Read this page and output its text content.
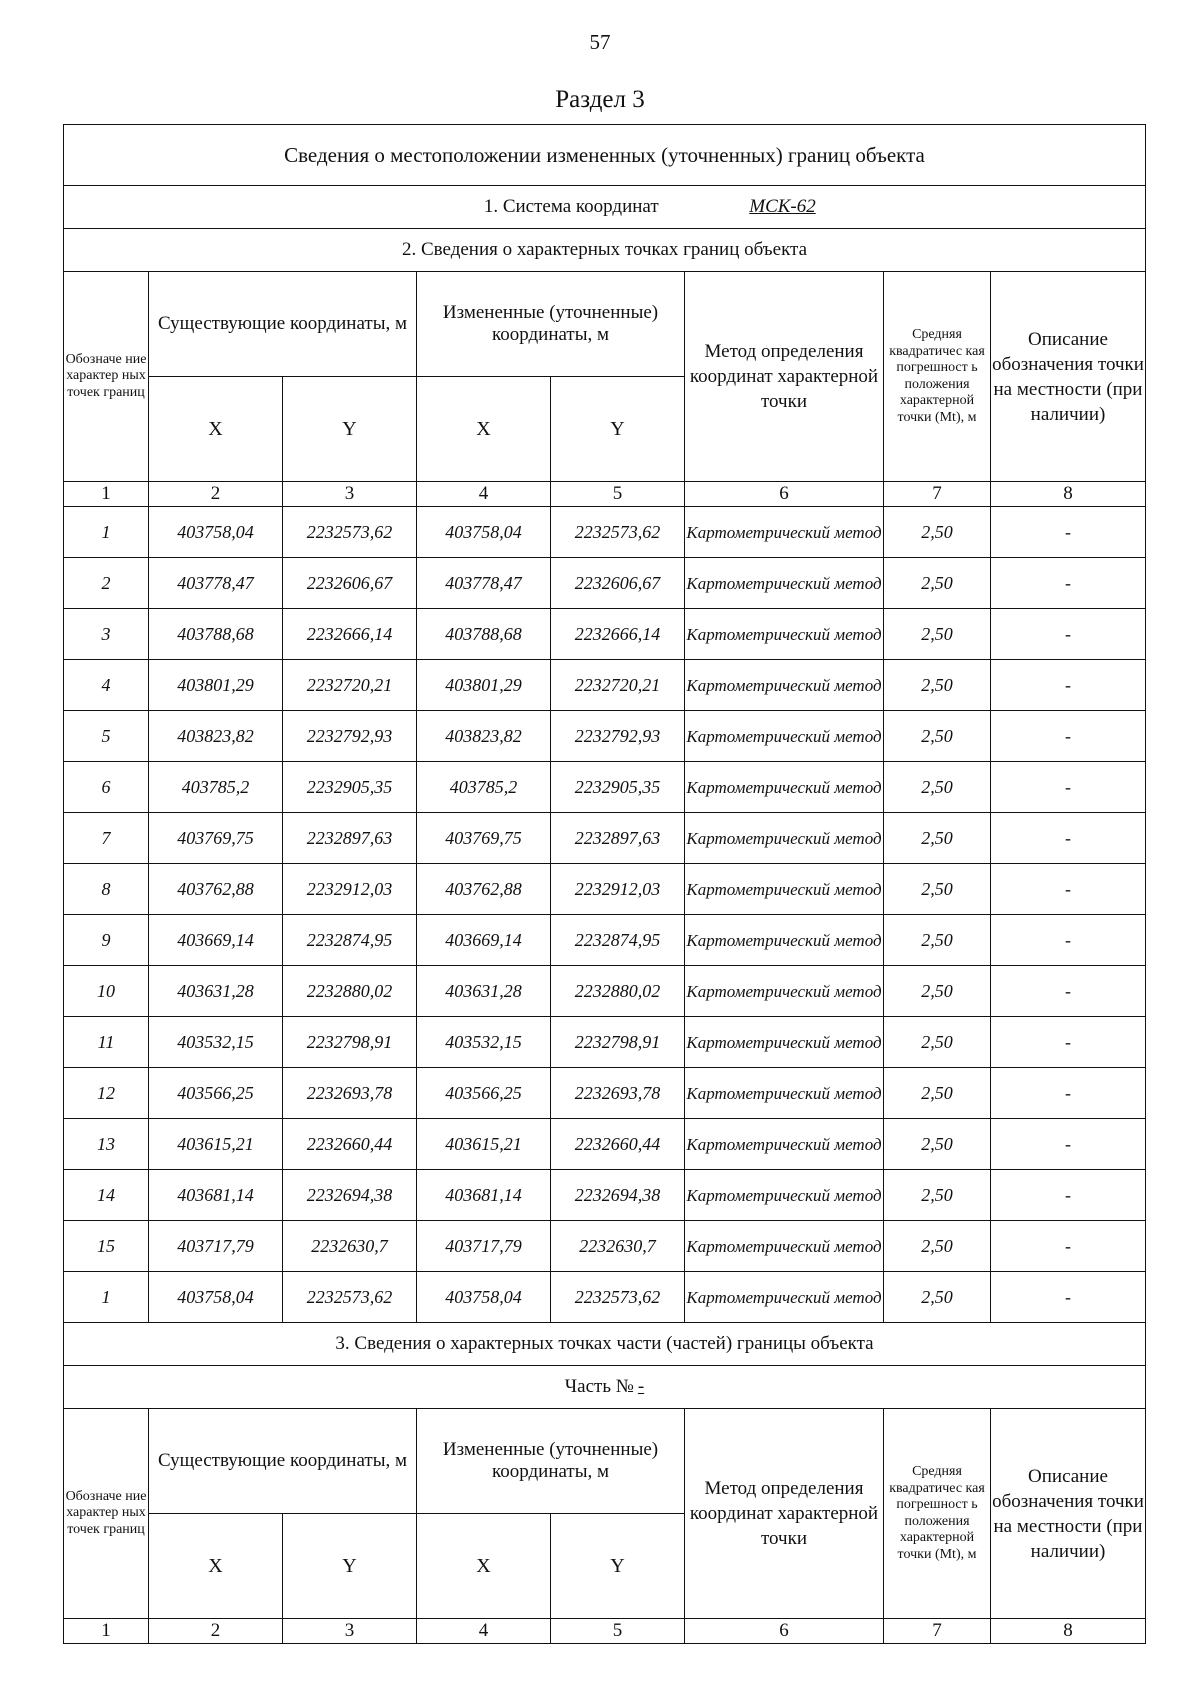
57
Раздел 3
Сведения о местоположении измененных (уточненных) границ объекта							
1. Система координат МСК-62							
2. Сведения о характерных точках границ объекта							
Обозначе ние характер ных точек границ	Существующие координаты, м		Измененные (уточненные) координаты, м		Метод определения координат характерной точки	Средняя квадратичес кая погрешност ь положения характерной точки (Mt), м	Описание обозначения точки на местности (при наличии)
	X	Y	X	Y			
1	2	3	4	5	6	7	8
1	403758,04	2232573,62	403758,04	2232573,62	Картометрический метод	2,50	-
2	403778,47	2232606,67	403778,47	2232606,67	Картометрический метод	2,50	-
3	403788,68	2232666,14	403788,68	2232666,14	Картометрический метод	2,50	-
4	403801,29	2232720,21	403801,29	2232720,21	Картометрический метод	2,50	-
5	403823,82	2232792,93	403823,82	2232792,93	Картометрический метод	2,50	-
6	403785,2	2232905,35	403785,2	2232905,35	Картометрический метод	2,50	-
7	403769,75	2232897,63	403769,75	2232897,63	Картометрический метод	2,50	-
8	403762,88	2232912,03	403762,88	2232912,03	Картометрический метод	2,50	-
9	403669,14	2232874,95	403669,14	2232874,95	Картометрический метод	2,50	-
10	403631,28	2232880,02	403631,28	2232880,02	Картометрический метод	2,50	-
11	403532,15	2232798,91	403532,15	2232798,91	Картометрический метод	2,50	-
12	403566,25	2232693,78	403566,25	2232693,78	Картометрический метод	2,50	-
13	403615,21	2232660,44	403615,21	2232660,44	Картометрический метод	2,50	-
14	403681,14	2232694,38	403681,14	2232694,38	Картометрический метод	2,50	-
15	403717,79	2232630,7	403717,79	2232630,7	Картометрический метод	2,50	-
1	403758,04	2232573,62	403758,04	2232573,62	Картометрический метод	2,50	-
3. Сведения о характерных точках части (частей) границы объекта							
Часть № -							
Обозначе ние характер ных точек границ	Существующие координаты, м		Измененные (уточненные) координаты, м		Метод определения координат характерной точки	Средняя квадратичес кая погрешност ь положения характерной точки (Mt), м	Описание обозначения точки на местности (при наличии)
	X	Y	X	Y			
1	2	3	4	5	6	7	8
